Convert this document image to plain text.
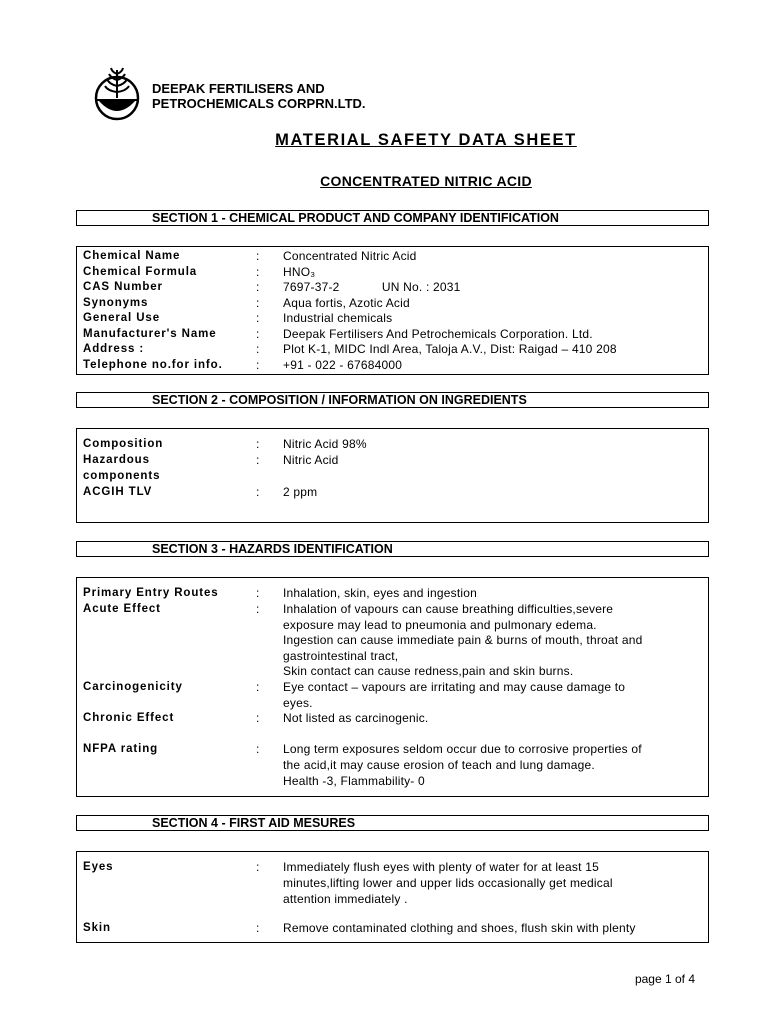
DEEPAK FERTILISERS AND
PETROCHEMICALS CORPRN.LTD.
MATERIAL SAFETY DATA SHEET
CONCENTRATED NITRIC ACID
SECTION 1 - CHEMICAL PRODUCT AND COMPANY IDENTIFICATION
Chemical Name	: Concentrated Nitric Acid
Chemical Formula	: HNO₃
CAS Number	: 7697-37-2            UN No. : 2031
Synonyms	: Aqua fortis, Azotic Acid
General Use	: Industrial chemicals
Manufacturer's Name	: Deepak Fertilisers And Petrochemicals Corporation. Ltd.
Address :	: Plot K-1, MIDC Indl Area, Taloja A.V., Dist: Raigad – 410 208
Telephone no.for info.	: +91 - 022 - 67684000
SECTION 2 - COMPOSITION / INFORMATION ON INGREDIENTS
Composition	: Nitric Acid 98%
Hazardous	: Nitric Acid
components
ACGIH TLV	: 2 ppm
SECTION 3 - HAZARDS IDENTIFICATION
Primary Entry Routes	: Inhalation, skin, eyes and ingestion
Acute Effect	: Inhalation of vapours can cause breathing difficulties,severe
exposure may lead to pneumonia and pulmonary edema.
Ingestion can cause immediate pain & burns of mouth, throat and
gastrointestinal tract,
Skin contact can cause redness,pain and skin burns.
Carcinogenicity	: Eye contact – vapours are irritating and may cause damage to
eyes.
Chronic Effect	: Not listed as carcinogenic.
NFPA rating	: Long term exposures seldom occur due to corrosive properties of
the acid,it may cause erosion of teach and lung damage.
Health -3, Flammability- 0
SECTION 4 - FIRST AID MESURES
Eyes	: Immediately flush eyes with plenty of water for at least 15
minutes,lifting lower and upper lids occasionally get medical
attention immediately .
Skin	: Remove contaminated clothing and shoes, flush skin with plenty
page 1 of 4
